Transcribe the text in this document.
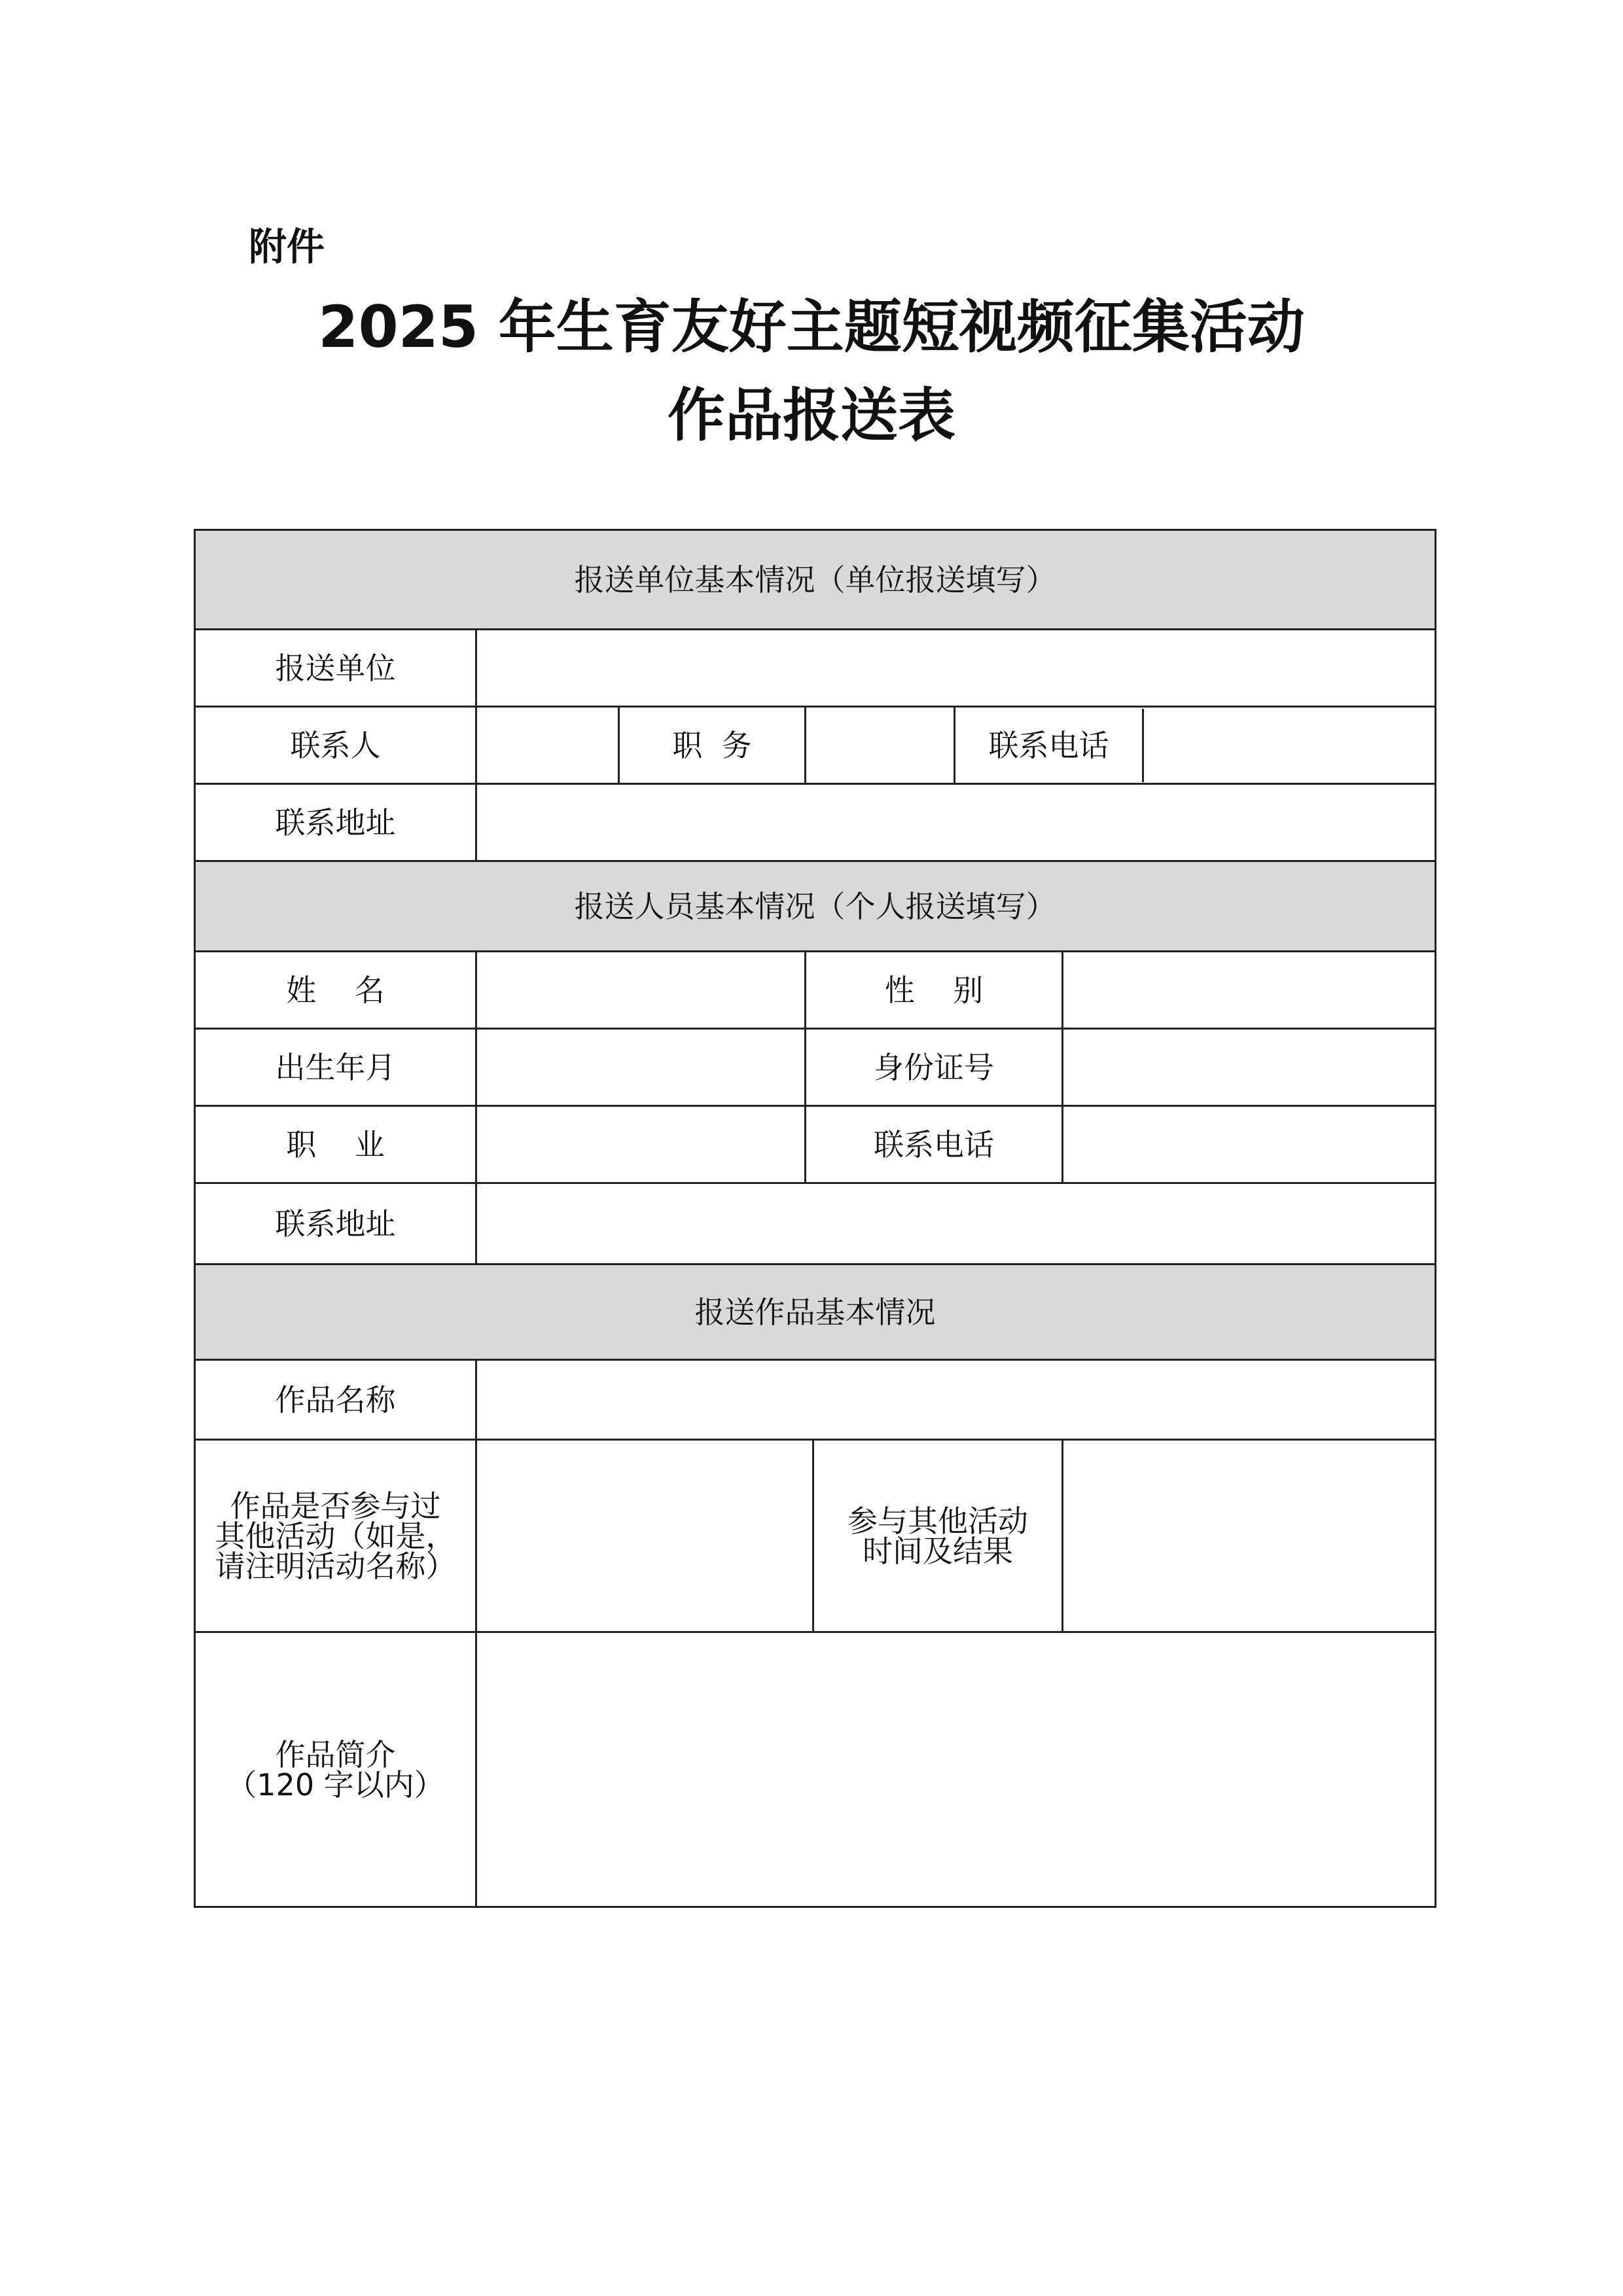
附件
2025 年生育友好主题短视频征集活动
作品报送表
报送单位基本情况（单位报送填写）						
报送单位						
联系人		职  务			联系电话	

联系地址						
报送人员基本情况（个人报送填写）						
姓    名			性    别			
出生年月			身份证号			
职    业			联系电话			
联系地址						
报送作品基本情况						
作品名称						

作品是否参与过
其他活动（如是，
请注明活动名称）				参与其他活动
时间及结果		

作品简介
（120 字以内）						
